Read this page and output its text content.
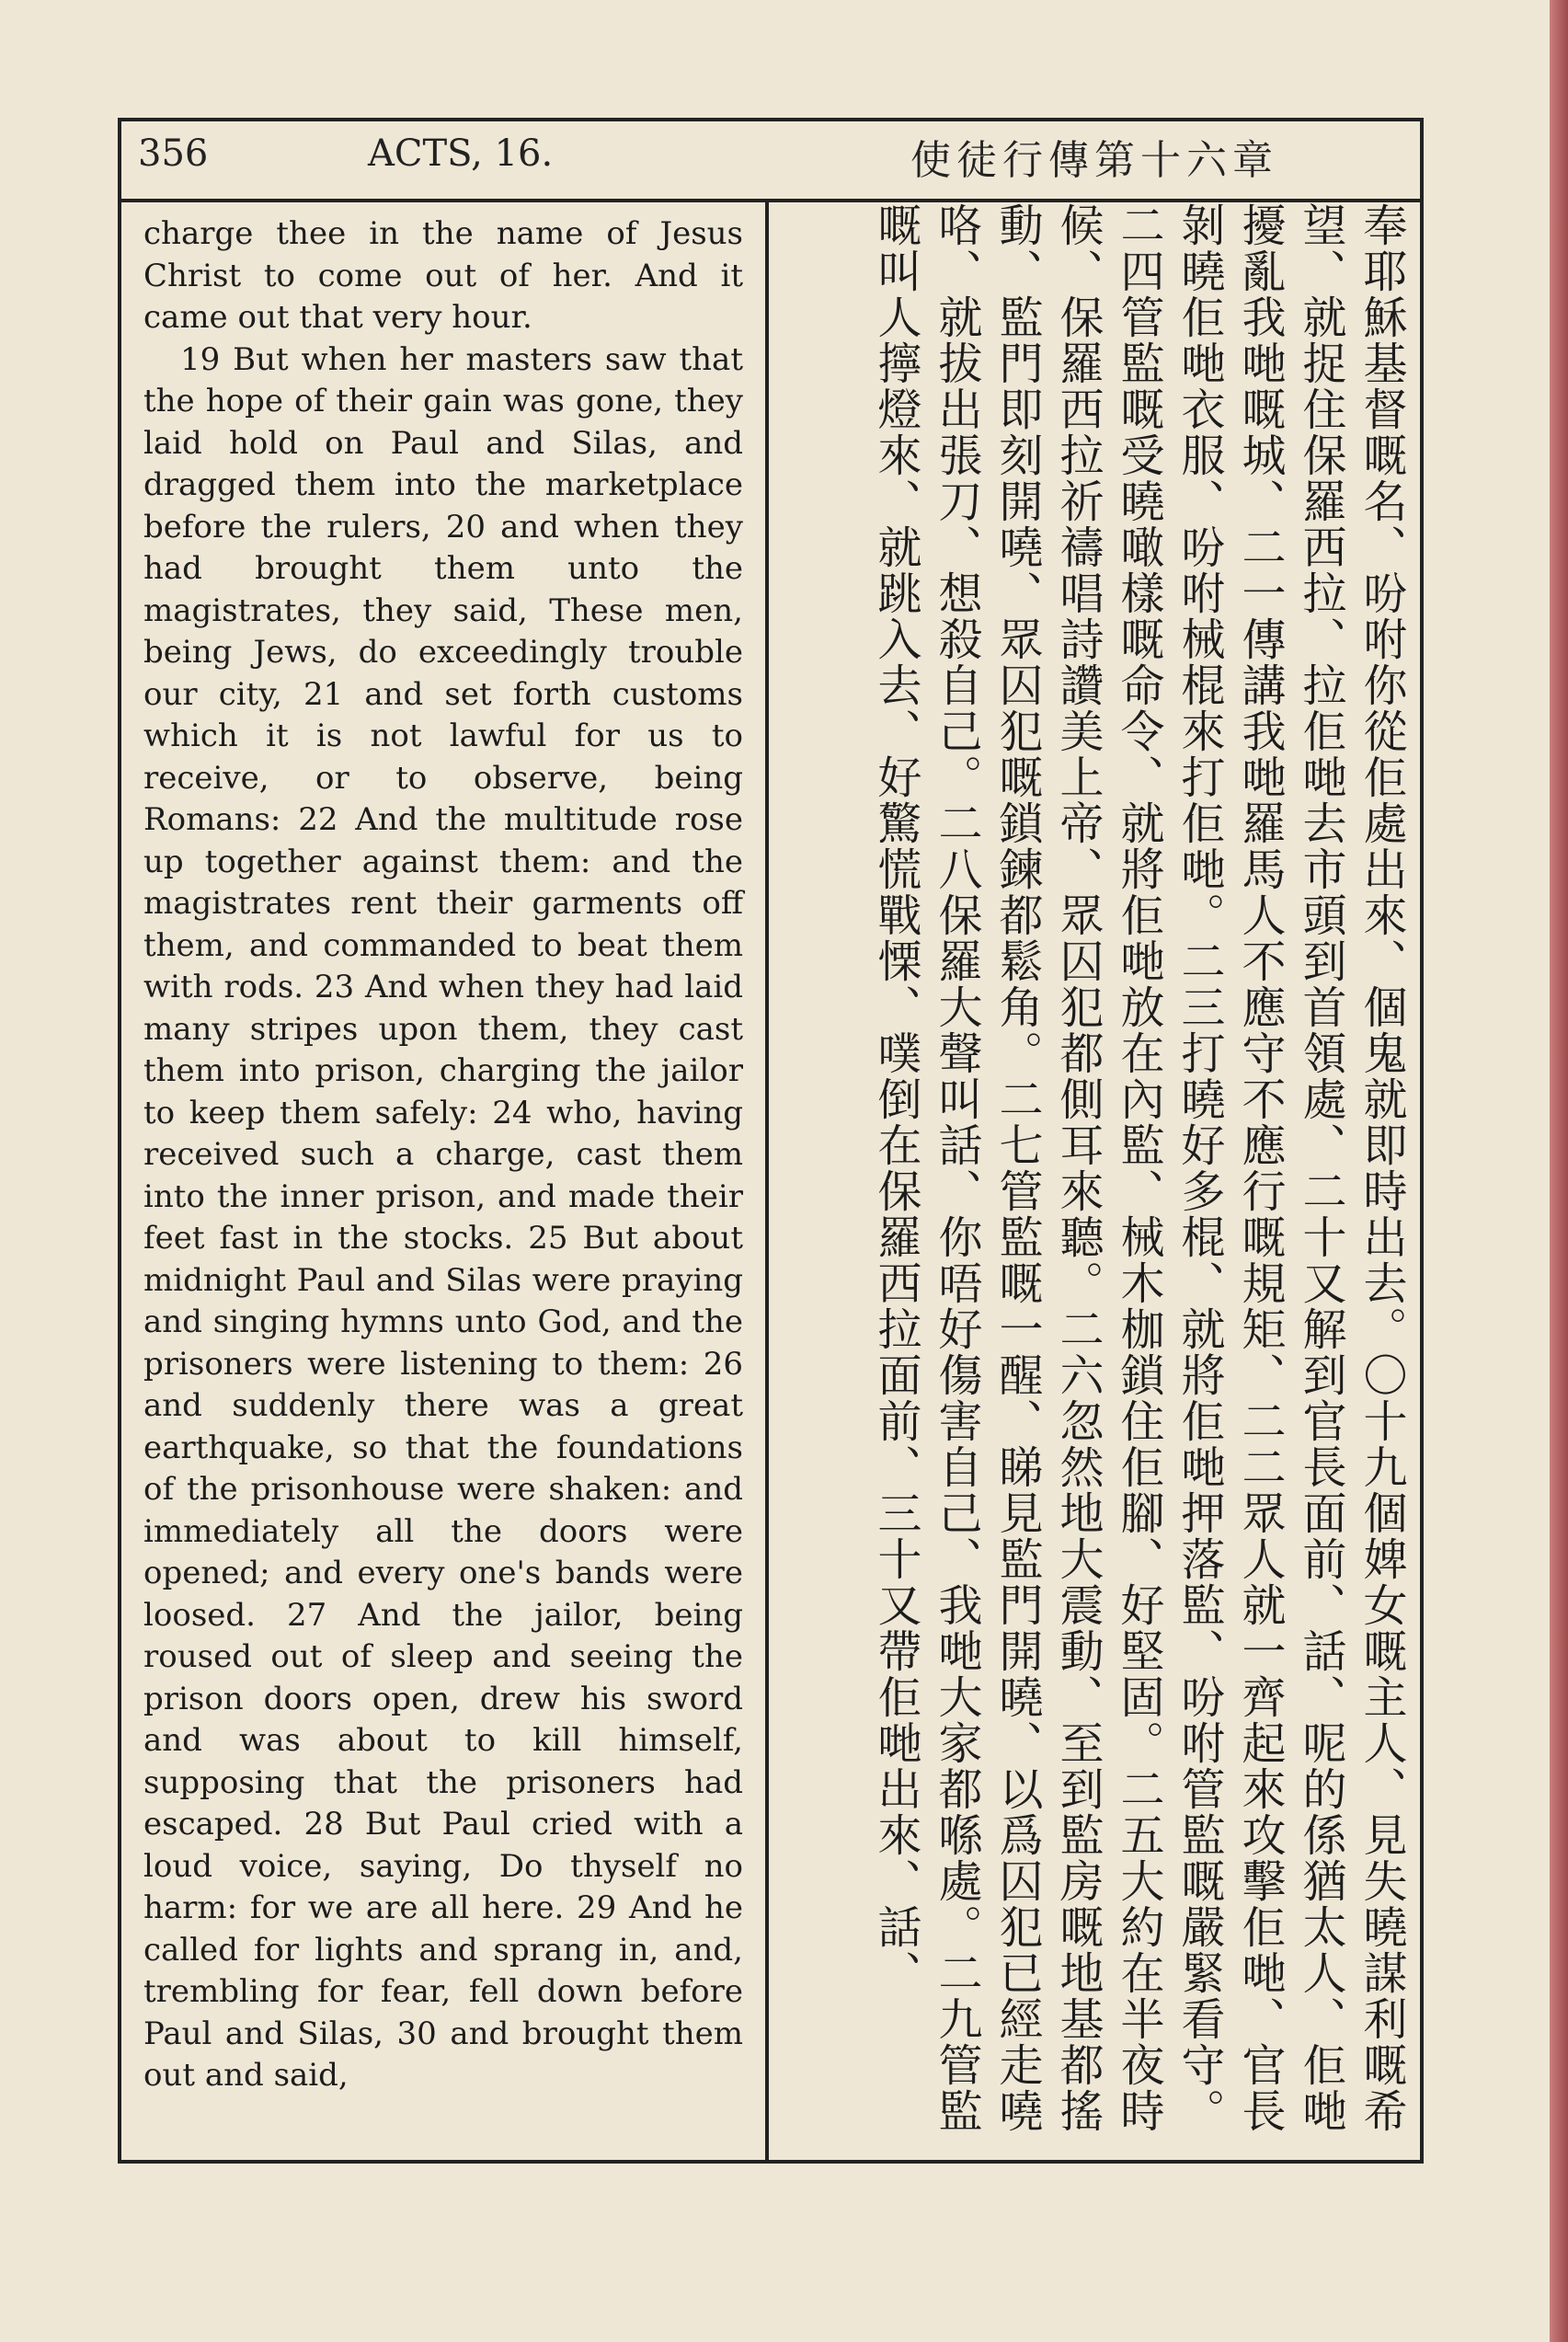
356	ACTS, 16.	使徒行傳第十六章

charge thee in the name of Jesus Christ to come out of her. And it came out that very hour.

19 But when her masters saw that the hope of their gain was gone, they laid hold on Paul and Silas, and dragged them into the marketplace before the rulers, 20 and when they had brought them unto the magistrates, they said, These men, being Jews, do exceedingly trouble our city, 21 and set forth customs which it is not lawful for us to receive, or to observe, being Romans: 22 And the multitude rose up together against them: and the magistrates rent their garments off them, and commanded to beat them with rods. 23 And when they had laid many stripes upon them, they cast them into prison, charging the jailor to keep them safely: 24 who, having received such a charge, cast them into the inner prison, and made their feet fast in the stocks. 25 But about midnight Paul and Silas were praying and singing hymns unto God, and the prisoners were listening to them: 26 and suddenly there was a great earthquake, so that the foundations of the prisonhouse were shaken: and immediately all the doors were opened; and every one's bands were loosed. 27 And the jailor, being roused out of sleep and seeing the prison doors open, drew his sword and was about to kill himself, supposing that the prisoners had escaped. 28 But Paul cried with a loud voice, saying, Do thyself no harm: for we are all here. 29 And he called for lights and sprang in, and, trembling for fear, fell down before Paul and Silas, 30 and brought them out and said,	奉耶穌基督嘅名、吩咐你從佢處出來、個鬼就即時出去。〇十九個婢女嘅主人、見失曉謀利嘅希望、就捉住保羅西拉、拉佢哋去市頭到首領處、二十又解到官長面前、話、呢的係猶太人、佢哋擾亂我哋嘅城、二一傳講我哋羅馬人不應守不應行嘅規矩、二二眾人就一齊起來攻擊佢哋、官長剝曉佢哋衣服、吩咐械棍來打佢哋。二三打曉好多棍、就將佢哋押落監、吩咐管監嘅嚴緊看守。二四管監嘅受曉噉樣嘅命令、就將佢哋放在內監、械木枷鎖住佢腳、好堅固。二五大約在半夜時候、保羅西拉祈禱唱詩讚美上帝、眾囚犯都側耳來聽。二六忽然地大震動、至到監房嘅地基都搖動、監門即刻開嘵、眾囚犯嘅鎖鍊都鬆角。二七管監嘅一醒、睇見監門開曉、以爲囚犯已經走嘵咯、就拔出張刀、想殺自己。二八保羅大聲叫話、你唔好傷害自己、我哋大家都喺處。二九管監嘅叫人擰燈來、就跳入去、好驚慌戰慄、噗倒在保羅西拉面前、三十又帶佢哋出來、話、
